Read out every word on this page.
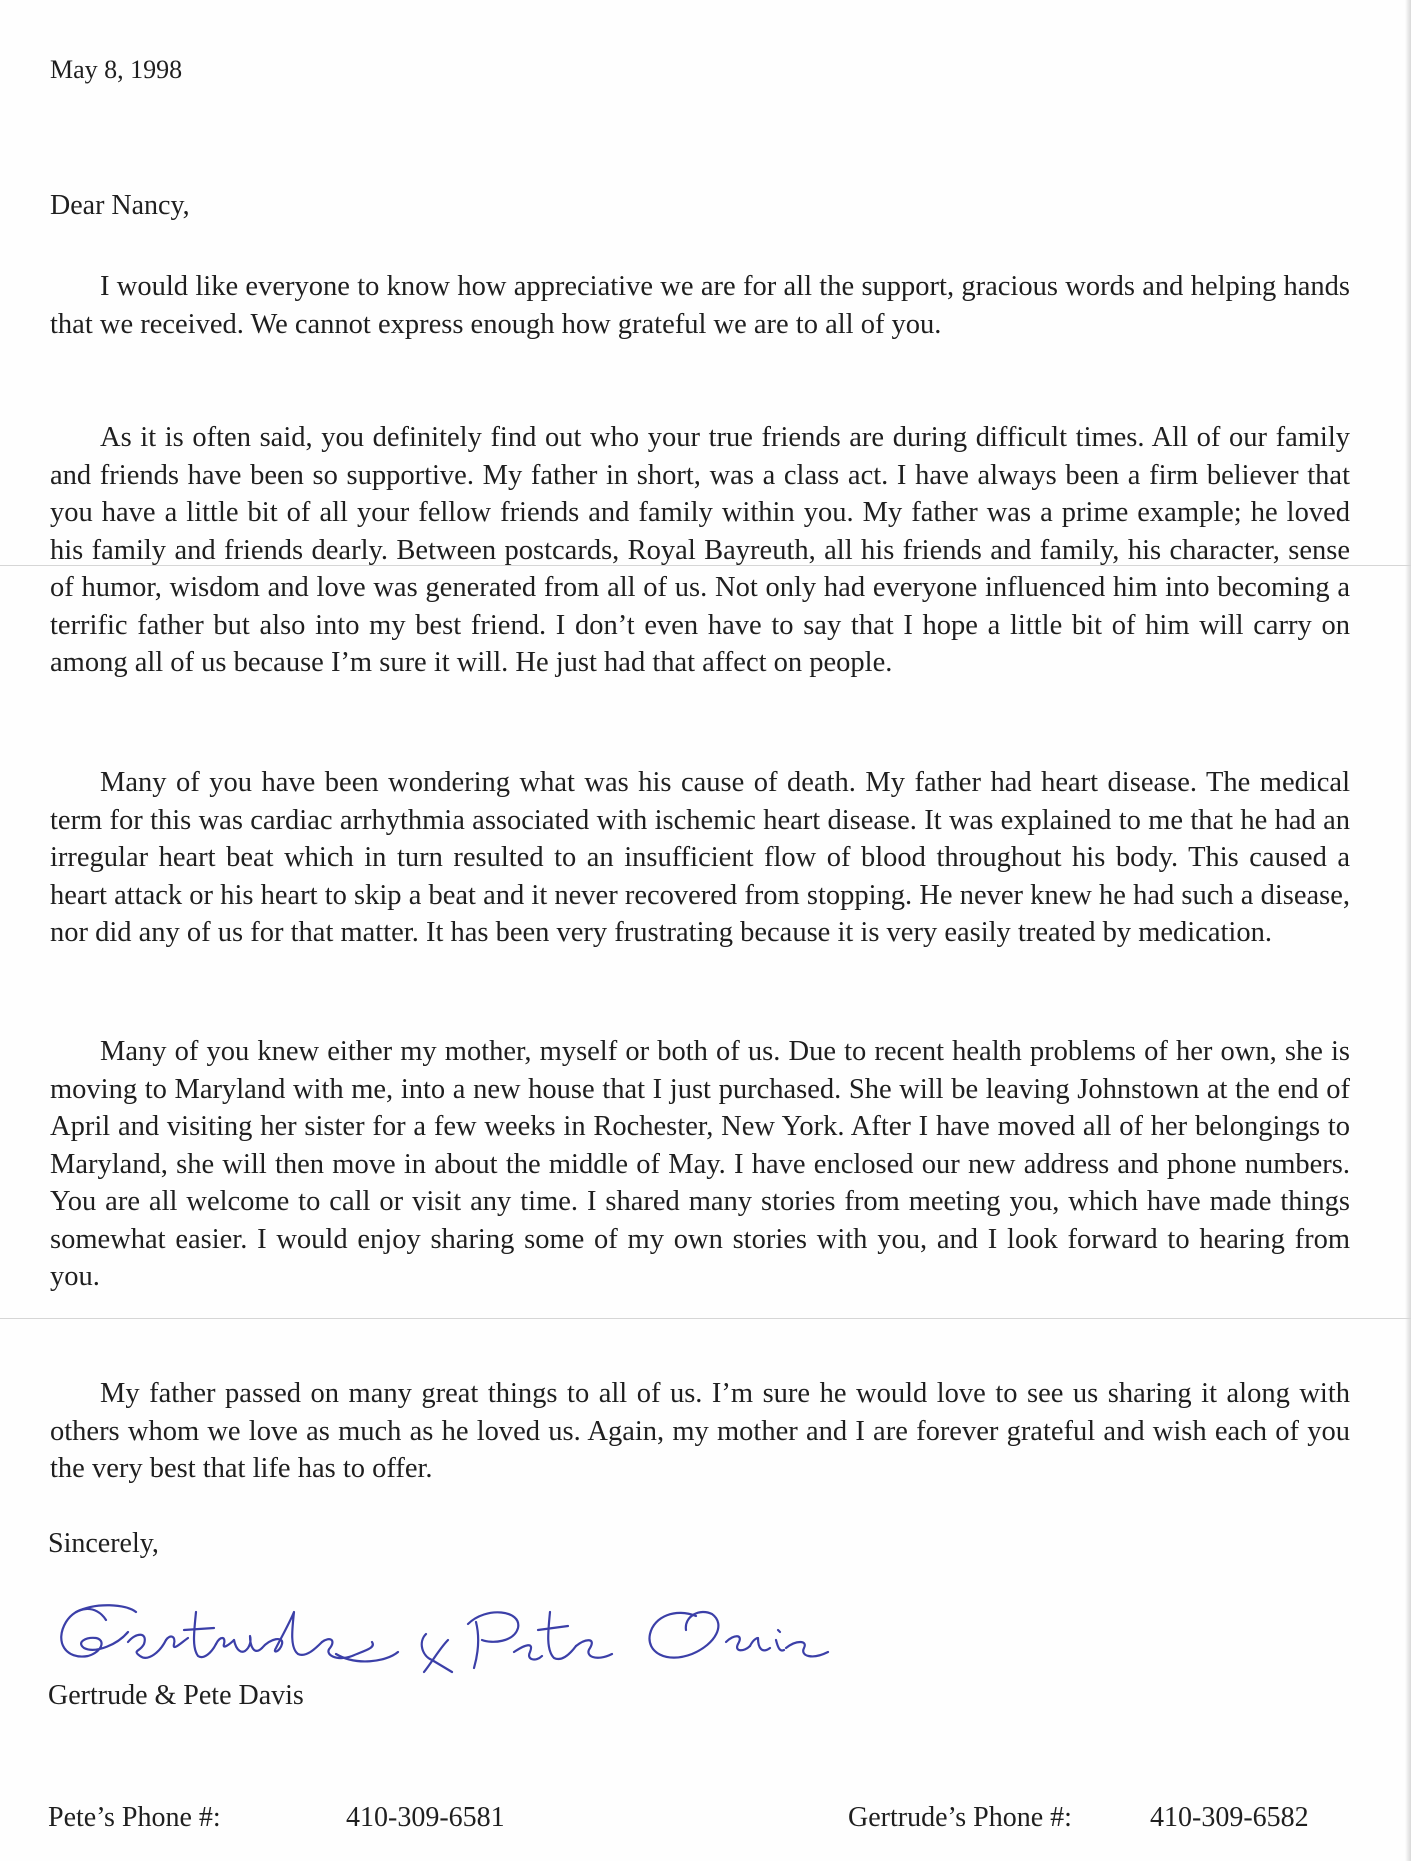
May 8, 1998

Dear Nancy,

I would like everyone to know how appreciative we are for all the support, gracious words and helping hands that we received. We cannot express enough how grateful we are to all of you.

As it is often said, you definitely find out who your true friends are during difficult times. All of our family and friends have been so supportive. My father in short, was a class act. I have always been a firm believer that you have a little bit of all your fellow friends and family within you. My father was a prime example; he loved his family and friends dearly. Between postcards, Royal Bayreuth, all his friends and family, his character, sense of humor, wisdom and love was generated from all of us. Not only had everyone influenced him into becoming a terrific father but also into my best friend. I don’t even have to say that I hope a little bit of him will carry on among all of us because I’m sure it will. He just had that affect on people.

Many of you have been wondering what was his cause of death. My father had heart disease. The medical term for this was cardiac arrhythmia associated with ischemic heart disease. It was explained to me that he had an irregular heart beat which in turn resulted to an insufficient flow of blood throughout his body. This caused a heart attack or his heart to skip a beat and it never recovered from stopping. He never knew he had such a disease, nor did any of us for that matter. It has been very frustrating because it is very easily treated by medication.

Many of you knew either my mother, myself or both of us. Due to recent health problems of her own, she is moving to Maryland with me, into a new house that I just purchased. She will be leaving Johnstown at the end of April and visiting her sister for a few weeks in Rochester, New York. After I have moved all of her belongings to Maryland, she will then move in about the middle of May. I have enclosed our new address and phone numbers. You are all welcome to call or visit any time. I shared many stories from meeting you, which have made things somewhat easier. I would enjoy sharing some of my own stories with you, and I look forward to hearing from you.

My father passed on many great things to all of us. I’m sure he would love to see us sharing it along with others whom we love as much as he loved us. Again, my mother and I are forever grateful and wish each of you the very best that life has to offer.

Sincerely,

Gertrude & Pete Davis

Pete’s Phone #:	410-309-6581	Gertrude’s Phone #:	410-309-6582
